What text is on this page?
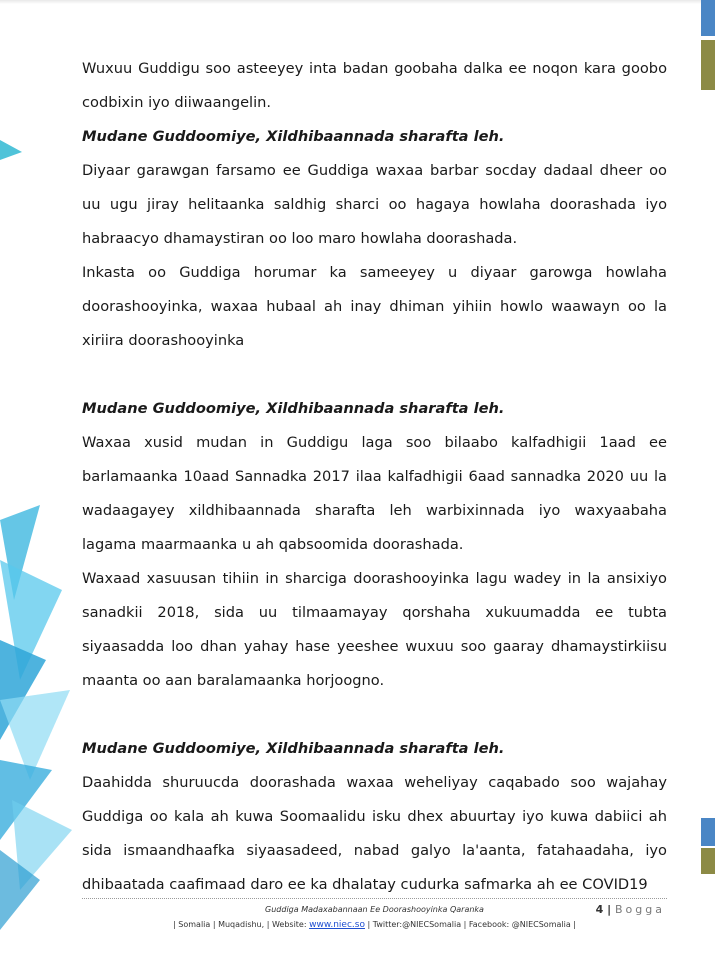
Wuxuu Guddigu soo asteeyey inta badan goobaha dalka ee noqon kara goobo codbixin iyo diiwaangelin.

Mudane Guddoomiye, Xildhibaannada sharafta leh.

Diyaar garawgan farsamo ee Guddiga waxaa barbar socday dadaal dheer oo uu ugu jiray helitaanka saldhig sharci oo hagaya howlaha doorashada iyo habraacyo dhamaystiran oo loo maro howlaha doorashada.

Inkasta oo Guddiga horumar ka sameeyey u diyaar garowga howlaha doorashooyinka, waxaa hubaal ah inay dhiman yihiin howlo waawayn oo la xiriira doorashooyinka

Mudane Guddoomiye, Xildhibaannada sharafta leh.

Waxaa xusid mudan in Guddigu laga soo bilaabo kalfadhigii 1aad ee barlamaanka 10aad Sannadka 2017 ilaa kalfadhigii 6aad sannadka 2020 uu la wadaagayey xildhibaannada sharafta leh warbixinnada iyo waxyaabaha lagama maarmaanka u ah qabsoomida doorashada.

Waxaad xasuusan tihiin in sharciga doorashooyinka lagu wadey in la ansixiyo sanadkii 2018, sida uu tilmaamayay qorshaha xukuumadda ee tubta siyaasadda loo dhan yahay hase yeeshee wuxuu soo gaaray dhamaystirkiisu maanta oo aan baralamaanka horjoogno.

Mudane Guddoomiye, Xildhibaannada sharafta leh.

Daahidda shuruucda doorashada waxaa weheliyay caqabado soo wajahay Guddiga oo kala ah kuwa Soomaalidu isku dhex abuurtay iyo kuwa dabiici ah sida ismaandhaafka siyaasadeed, nabad galyo la'aanta, fatahaadaha, iyo dhibaatada caafimaad daro ee ka dhalatay cudurka safmarka ah ee COVID19

Guddiga Madaxabannaan Ee Doorashooyinka Qaranka	4 | Bogga
| Somalia | Muqadishu, | Website: www.niec.so | Twitter:@NIECSomalia | Facebook: @NIECSomalia |
